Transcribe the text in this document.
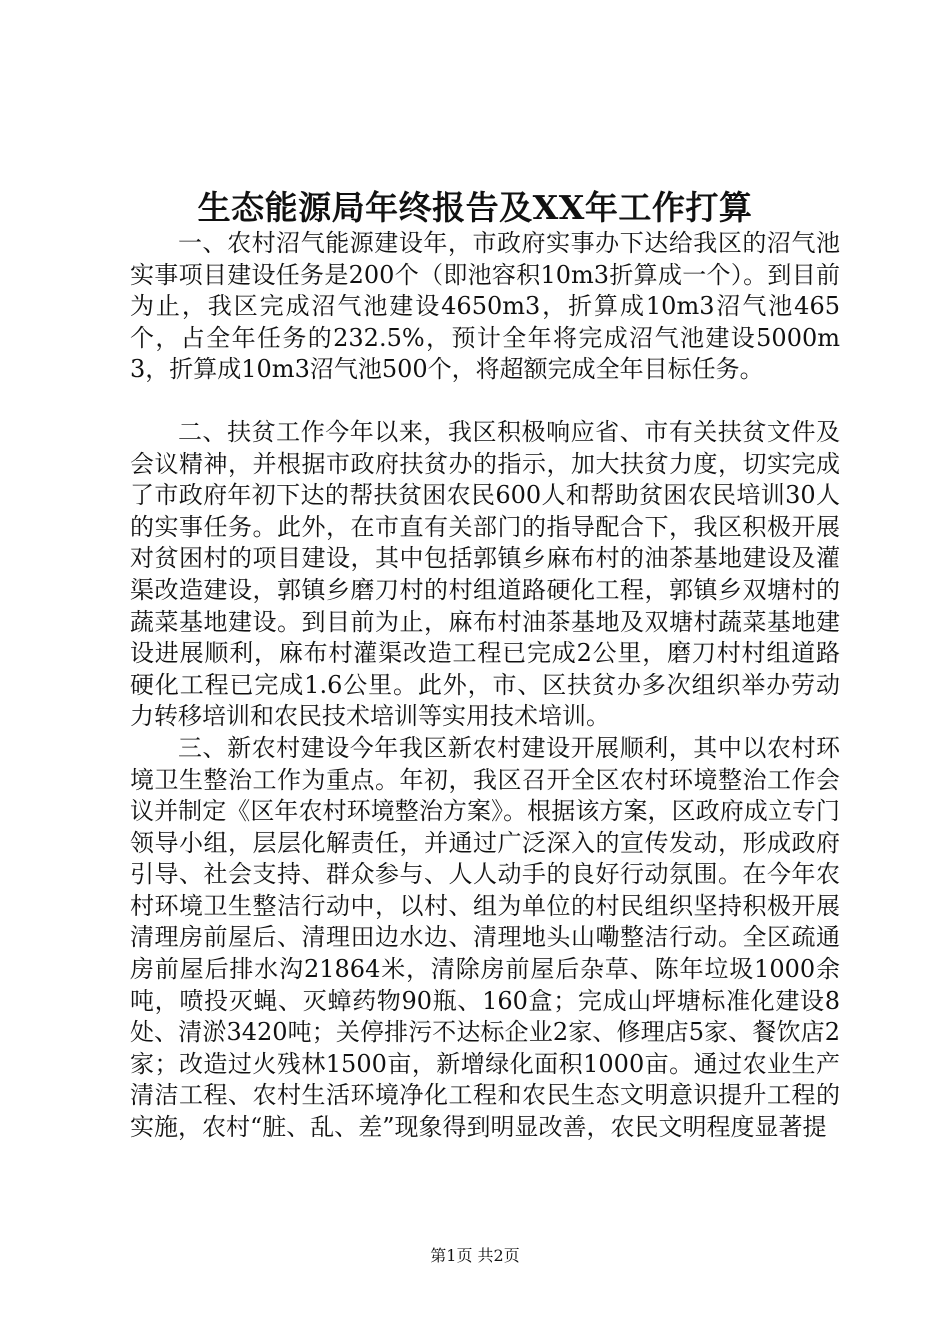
生态能源局年终报告及XX年工作打算

一、农村沼气能源建设年，市政府实事办下达给我区的沼气池实事项目建设任务是200个（即池容积10m3折算成一个）。到目前为止，我区完成沼气池建设4650m3，折算成10m3沼气池465个，占全年任务的232.5%，预计全年将完成沼气池建设5000m3，折算成10m3沼气池500个，将超额完成全年目标任务。

二、扶贫工作今年以来，我区积极响应省、市有关扶贫文件及会议精神，并根据市政府扶贫办的指示，加大扶贫力度，切实完成了市政府年初下达的帮扶贫困农民600人和帮助贫困农民培训30人的实事任务。此外，在市直有关部门的指导配合下，我区积极开展对贫困村的项目建设，其中包括郭镇乡麻布村的油茶基地建设及灌渠改造建设，郭镇乡磨刀村的村组道路硬化工程，郭镇乡双塘村的蔬菜基地建设。到目前为止，麻布村油茶基地及双塘村蔬菜基地建设进展顺利，麻布村灌渠改造工程已完成2公里，磨刀村村组道路硬化工程已完成1.6公里。此外，市、区扶贫办多次组织举办劳动力转移培训和农民技术培训等实用技术培训。

三、新农村建设今年我区新农村建设开展顺利，其中以农村环境卫生整治工作为重点。年初，我区召开全区农村环境整治工作会议并制定《区年农村环境整治方案》。根据该方案，区政府成立专门领导小组，层层化解责任，并通过广泛深入的宣传发动，形成政府引导、社会支持、群众参与、人人动手的良好行动氛围。在今年农村环境卫生整洁行动中，以村、组为单位的村民组织坚持积极开展清理房前屋后、清理田边水边、清理地头山嘞整洁行动。全区疏通房前屋后排水沟21864米，清除房前屋后杂草、陈年垃圾1000余吨，喷投灭蝇、灭蟑药物90瓶、160盒；完成山坪塘标准化建设8处、清淤3420吨；关停排污不达标企业2家、修理店5家、餐饮店2家；改造过火残林1500亩，新增绿化面积1000亩。通过农业生产清洁工程、农村生活环境净化工程和农民生态文明意识提升工程的实施，农村“脏、乱、差”现象得到明显改善，农民文明程度显著提

第1页 共2页
